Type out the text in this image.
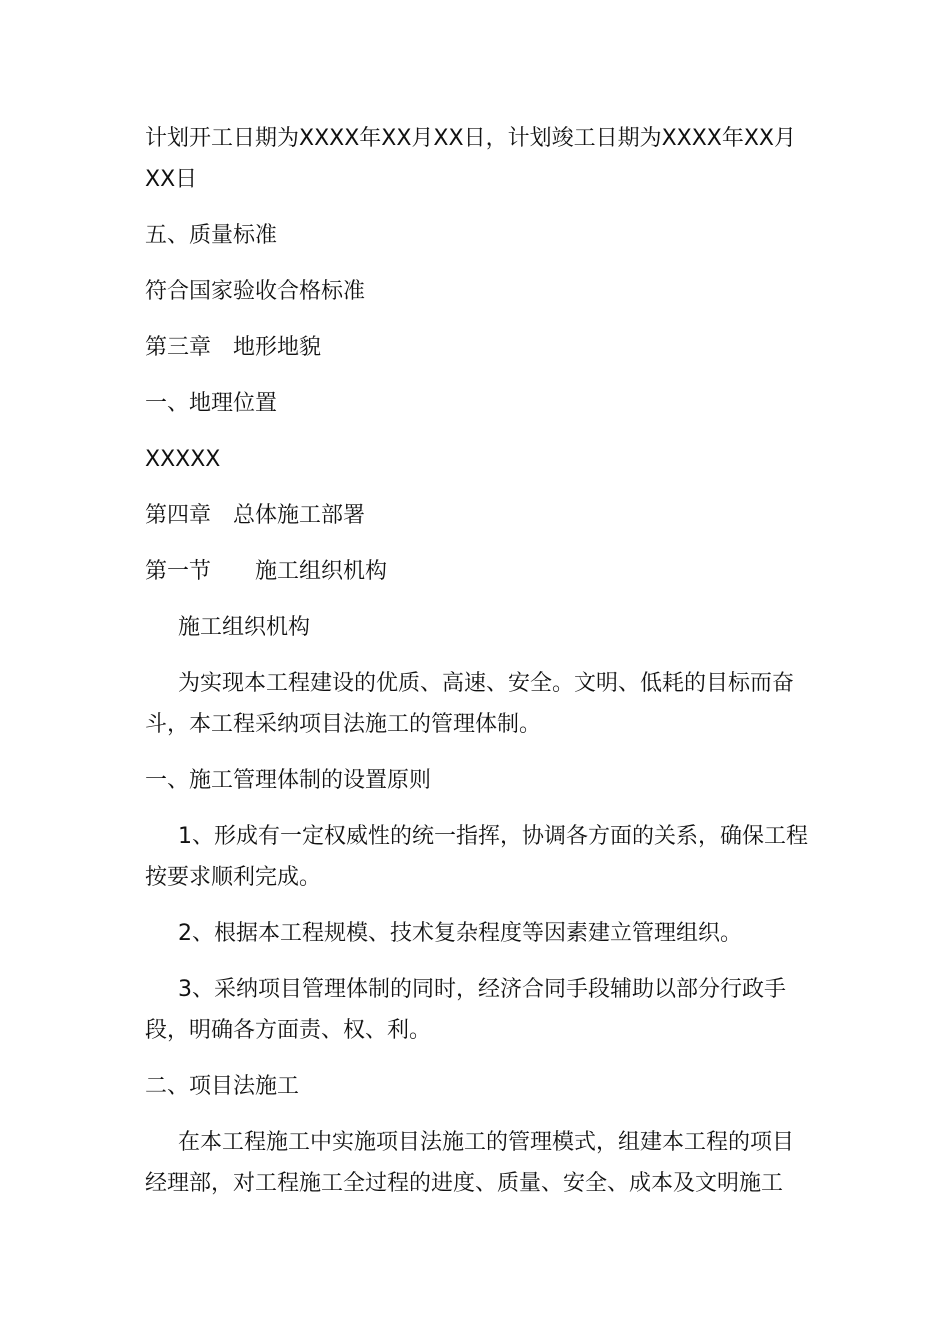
计划开工日期为XXXX年XX月XX日，计划竣工日期为XXXX年XX月XX日

五、质量标准

符合国家验收合格标准

第三章　地形地貌

一、地理位置

XXXXX

第四章　总体施工部署

第一节 施工组织机构

施工组织机构

为实现本工程建设的优质、高速、安全。文明、低耗的目标而奋斗，本工程采纳项目法施工的管理体制。

一、施工管理体制的设置原则

1、形成有一定权威性的统一指挥，协调各方面的关系，确保工程按要求顺利完成。

2、根据本工程规模、技术复杂程度等因素建立管理组织。

3、采纳项目管理体制的同时，经济合同手段辅助以部分行政手段，明确各方面责、权、利。

二、项目法施工

在本工程施工中实施项目法施工的管理模式，组建本工程的项目经理部，对工程施工全过程的进度、质量、安全、成本及文明施工
